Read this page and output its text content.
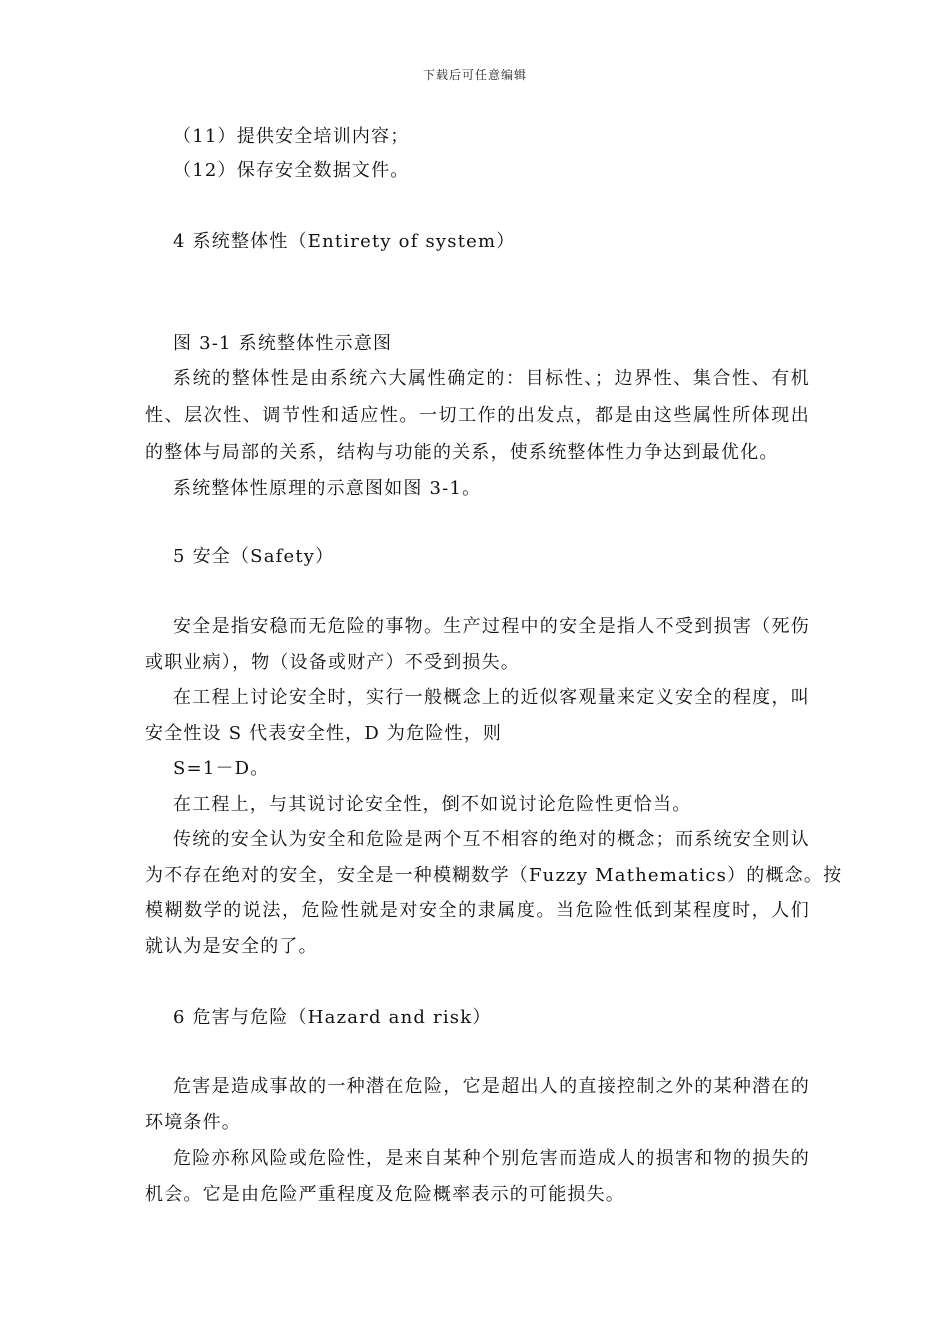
下载后可任意编辑
（11）提供安全培训内容；
（12）保存安全数据文件。
4 系统整体性（Entirety of system）
图 3-1 系统整体性示意图
系统的整体性是由系统六大属性确定的：目标性、；边界性、集合性、有机
性、层次性、调节性和适应性。一切工作的出发点，都是由这些属性所体现出
的整体与局部的关系，结构与功能的关系，使系统整体性力争达到最优化。
系统整体性原理的示意图如图 3-1。
5 安全（Safety）
安全是指安稳而无危险的事物。生产过程中的安全是指人不受到损害（死伤
或职业病），物（设备或财产）不受到损失。
在工程上讨论安全时，实行一般概念上的近似客观量来定义安全的程度，叫
安全性设 S 代表安全性，D 为危险性，则
S=1－D。
在工程上，与其说讨论安全性，倒不如说讨论危险性更恰当。
传统的安全认为安全和危险是两个互不相容的绝对的概念；而系统安全则认
为不存在绝对的安全，安全是一种模糊数学（Fuzzy Mathematics）的概念。按
模糊数学的说法，危险性就是对安全的隶属度。当危险性低到某程度时，人们
就认为是安全的了。
6 危害与危险（Hazard and risk）
危害是造成事故的一种潜在危险，它是超出人的直接控制之外的某种潜在的
环境条件。
危险亦称风险或危险性，是来自某种个别危害而造成人的损害和物的损失的
机会。它是由危险严重程度及危险概率表示的可能损失。
